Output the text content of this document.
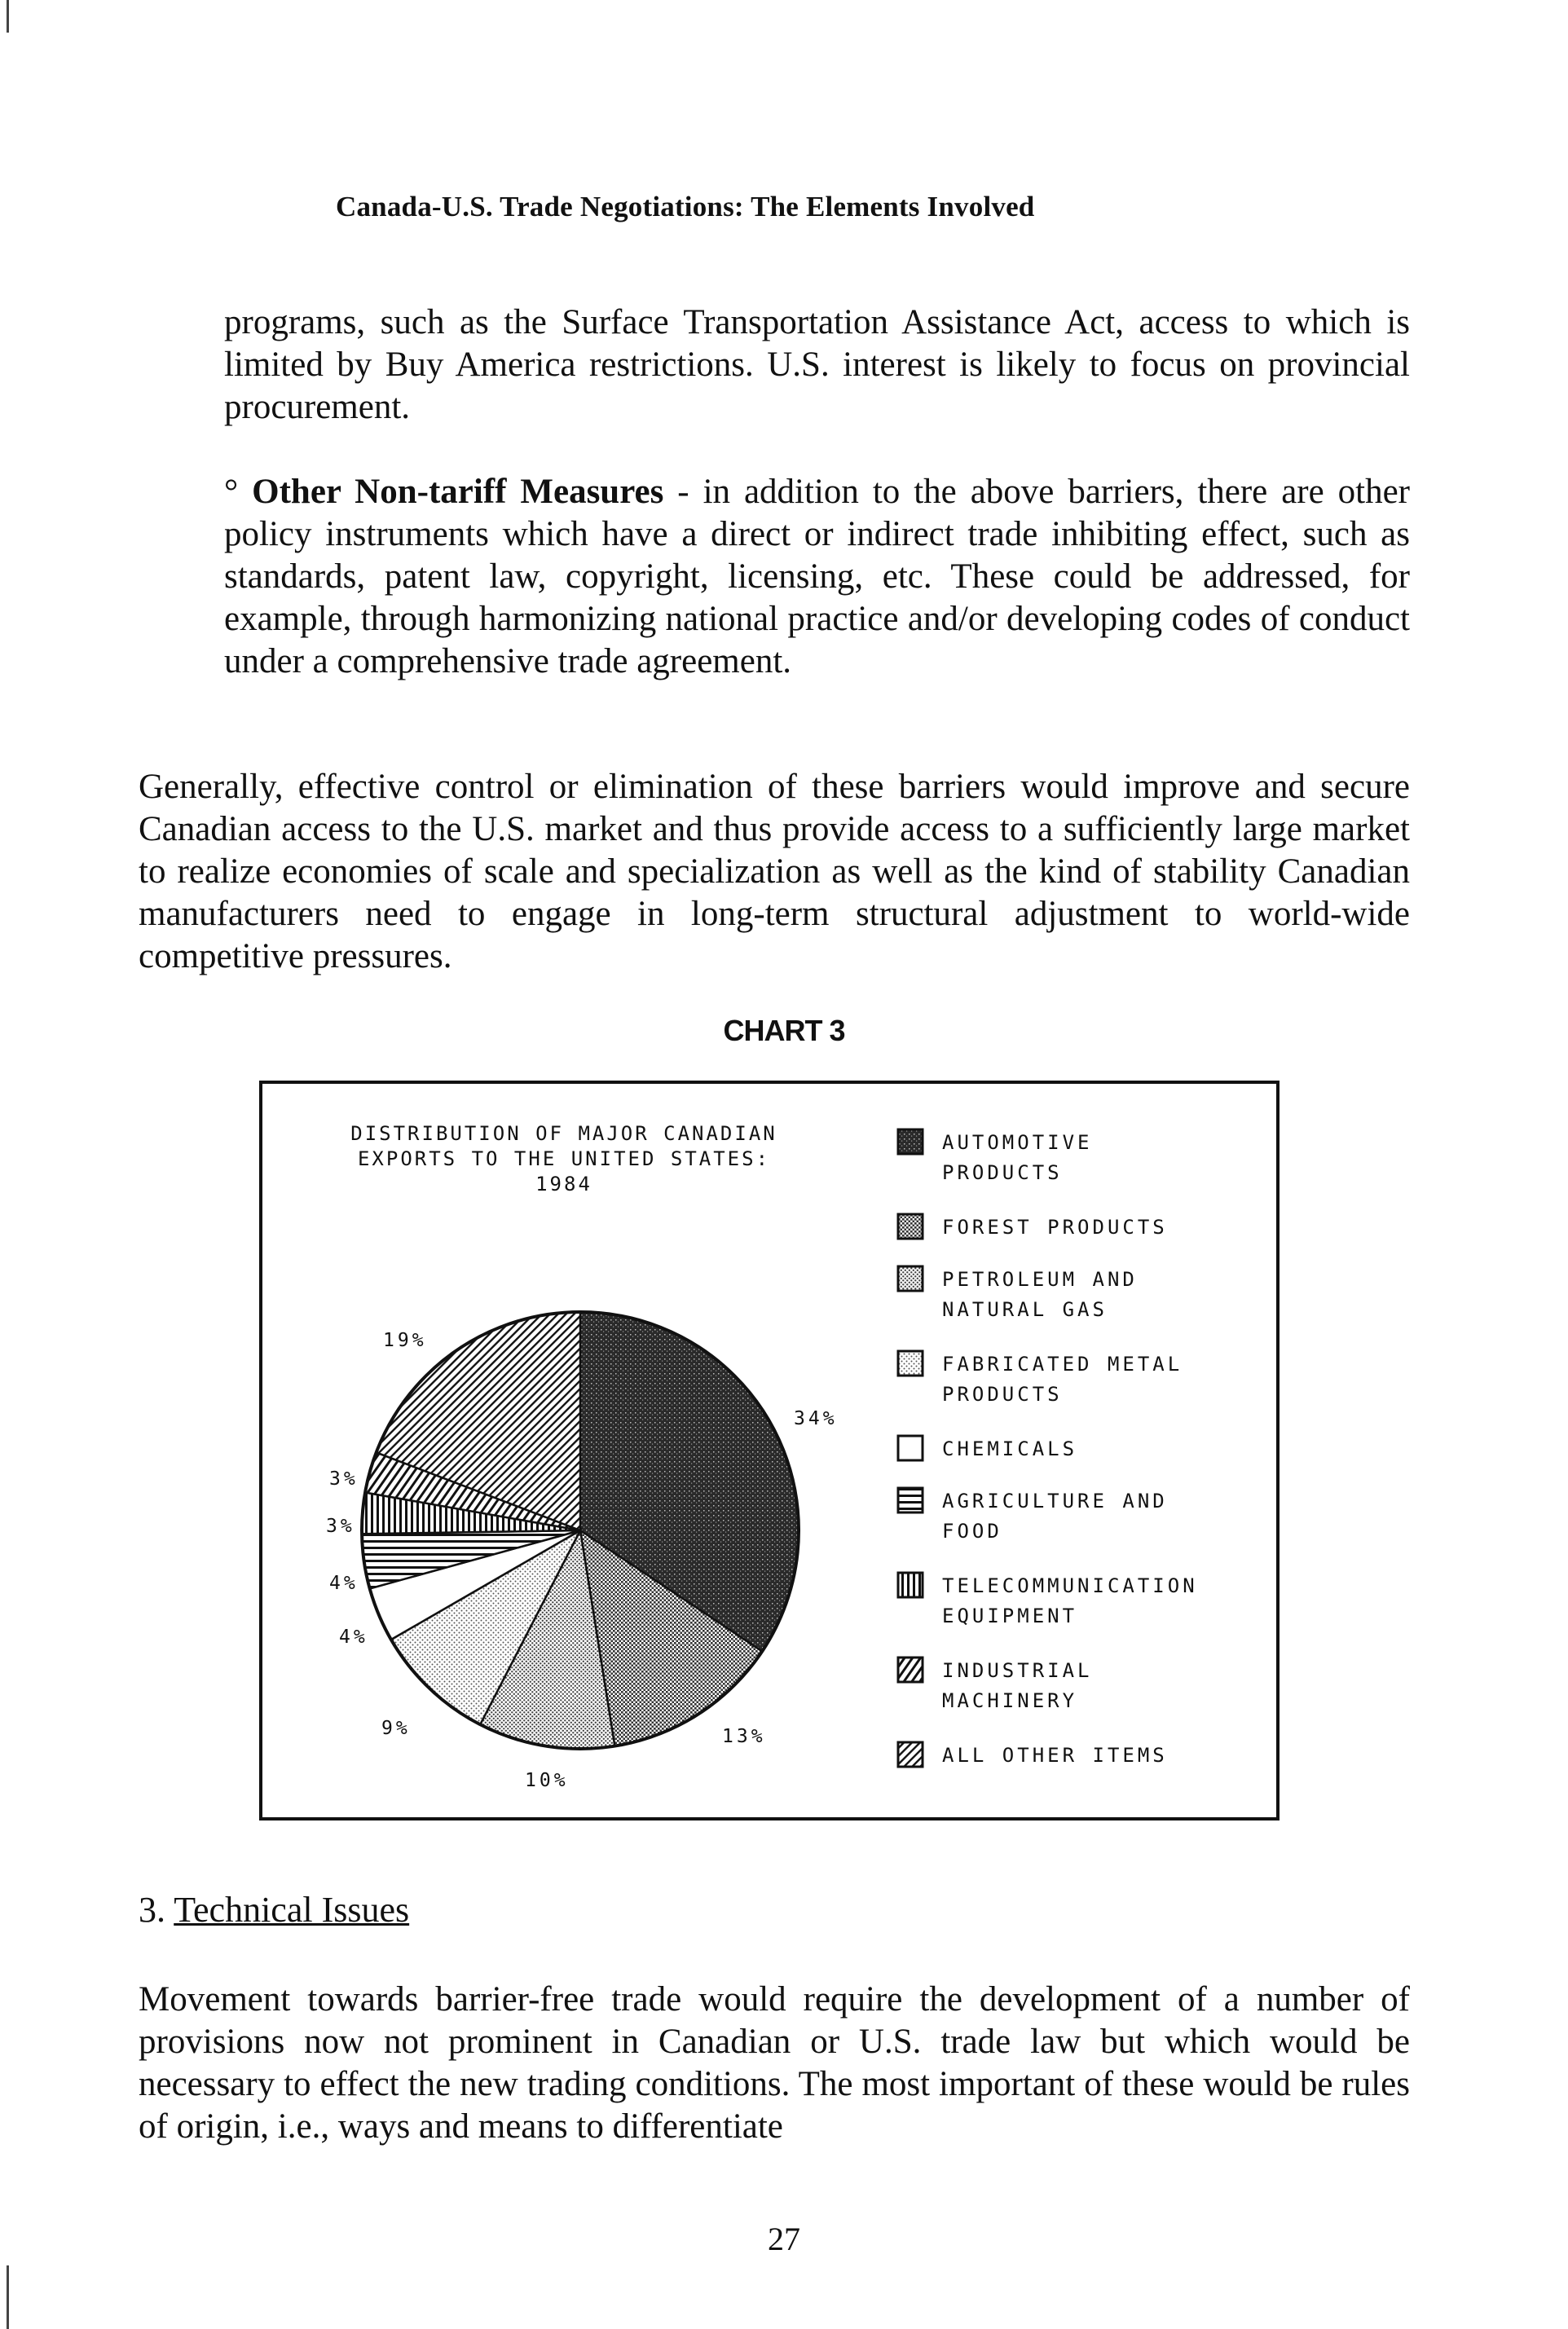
Canada-U.S. Trade Negotiations: The Elements Involved

programs, such as the Surface Transportation Assistance Act, access to which is limited by Buy America restrictions. U.S. interest is likely to focus on provincial procurement.

° Other Non-tariff Measures - in addition to the above barriers, there are other policy instruments which have a direct or indirect trade inhibiting effect, such as standards, patent law, copyright, licensing, etc. These could be addressed, for example, through harmonizing national practice and/or developing codes of conduct under a comprehensive trade agreement.

Generally, effective control or elimination of these barriers would improve and secure Canadian access to the U.S. market and thus provide access to a sufficiently large market to realize economies of scale and specialization as well as the kind of stability Canadian manufacturers need to engage in long-term structural adjustment to world-wide competitive pressures.

CHART 3
DISTRIBUTION OF MAJOR CANADIAN
EXPORTS TO THE UNITED STATES:
1984
AUTOMOTIVE
PRODUCTS
FOREST PRODUCTS
PETROLEUM AND
NATURAL GAS
FABRICATED METAL
PRODUCTS
CHEMICALS
AGRICULTURE AND
FOOD
TELECOMMUNICATION
EQUIPMENT
INDUSTRIAL
MACHINERY
ALL OTHER ITEMS
34%
13%
10%
9%
4%
4%
3%
3%
19%
3. Technical Issues

Movement towards barrier-free trade would require the development of a number of provisions now not prominent in Canadian or U.S. trade law but which would be necessary to effect the new trading conditions. The most important of these would be rules of origin, i.e., ways and means to differentiate

27
